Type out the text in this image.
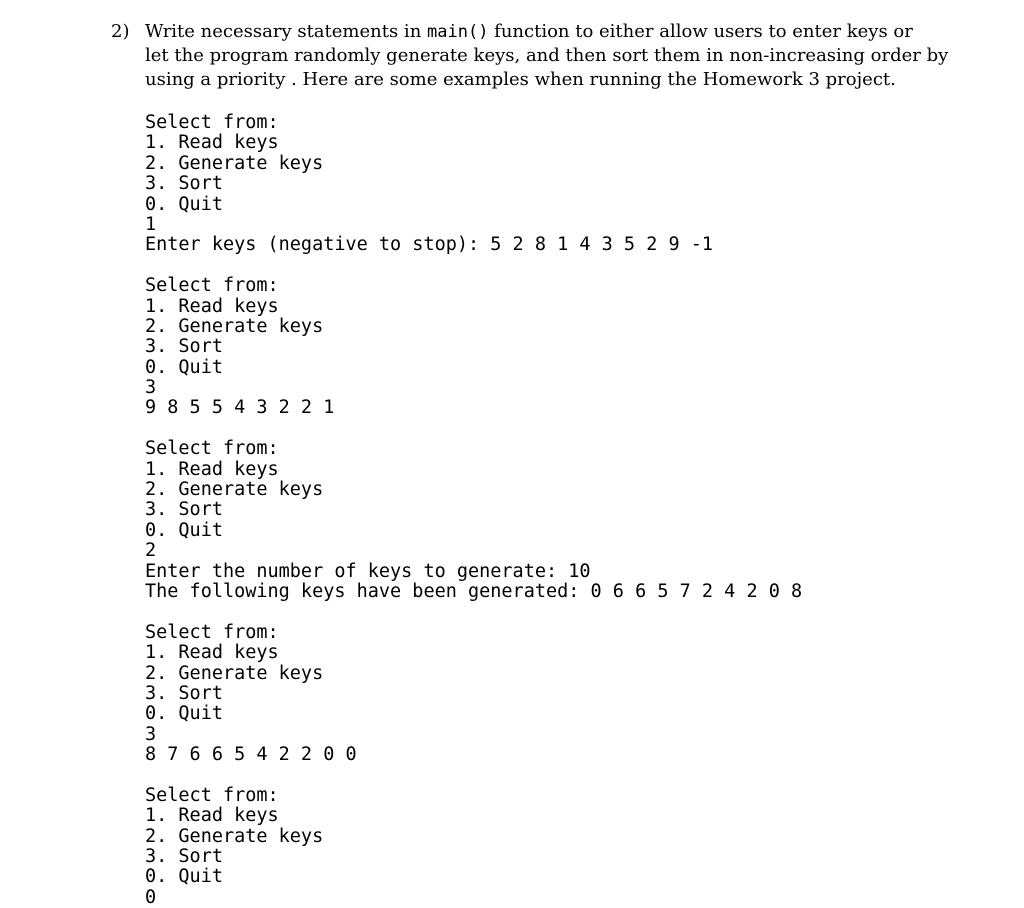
2) Write necessary statements in main() function to either allow users to enter keys or
let the program randomly generate keys, and then sort them in non-increasing order by
using a priority . Here are some examples when running the Homework 3 project.
Select from:
1. Read keys
2. Generate keys
3. Sort
0. Quit
1
Enter keys (negative to stop): 5 2 8 1 4 3 5 2 9 -1
Select from:
1. Read keys
2. Generate keys
3. Sort
0. Quit
3
9 8 5 5 4 3 2 2 1
Select from:
1. Read keys
2. Generate keys
3. Sort
0. Quit
2
Enter the number of keys to generate: 10
The following keys have been generated: 0 6 6 5 7 2 4 2 0 8
Select from:
1. Read keys
2. Generate keys
3. Sort
0. Quit
3
8 7 6 6 5 4 2 2 0 0
Select from:
1. Read keys
2. Generate keys
3. Sort
0. Quit
0
